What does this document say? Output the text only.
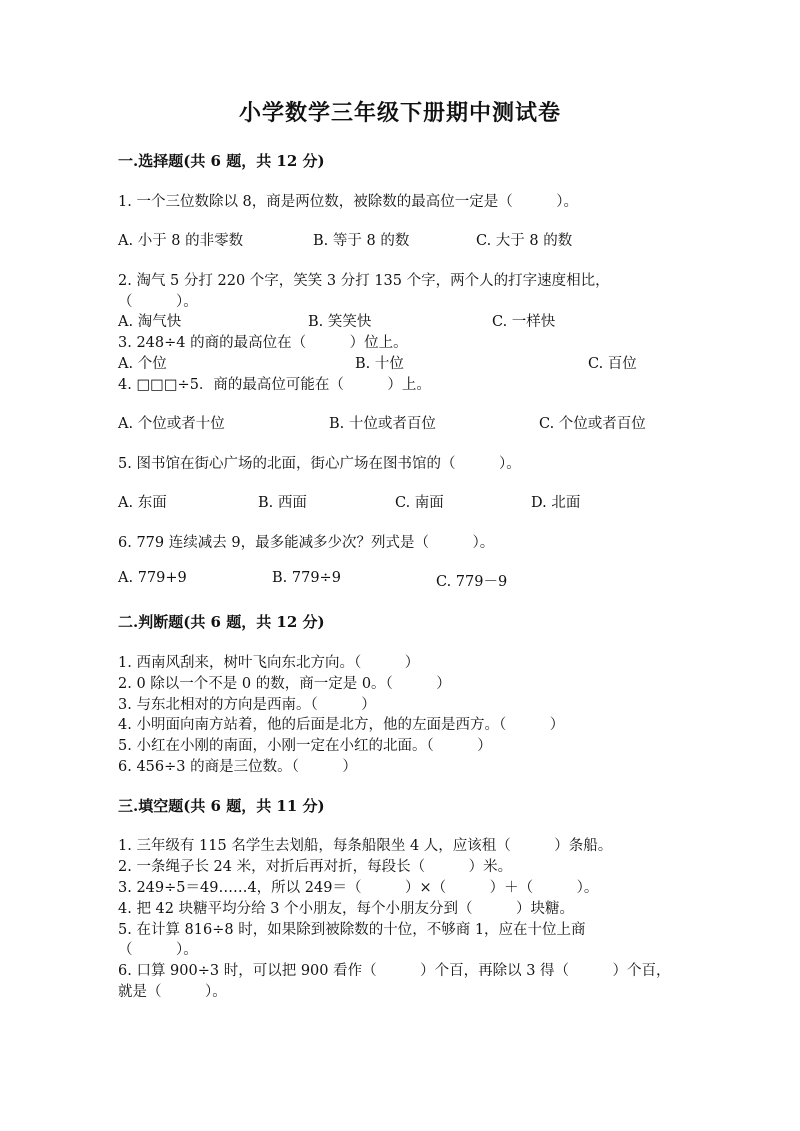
小学数学三年级下册期中测试卷
一.选择题(共 6 题，共 12 分)
1. 一个三位数除以 8，商是两位数，被除数的最高位一定是（　　　）。
A. 小于 8 的非零数	B. 等于 8 的数	C. 大于 8 的数
2. 淘气 5 分打 220 个字，笑笑 3 分打 135 个字，两个人的打字速度相比，
（　　　）。
A. 淘气快	B. 笑笑快	C. 一样快
3. 248÷4 的商的最高位在（　　　）位上。
A. 个位	B. 十位	C. 百位
4. □□□÷5．商的最高位可能在（　　　）上。
A. 个位或者十位	B. 十位或者百位	C. 个位或者百位
5. 图书馆在街心广场的北面，街心广场在图书馆的（　　　）。
A. 东面	B. 西面	C. 南面	D. 北面
6. 779 连续减去 9，最多能减多少次？列式是（　　　）。
A. 779+9	B. 779÷9	C. 779－9
二.判断题(共 6 题，共 12 分)
1. 西南风刮来，树叶飞向东北方向。（　　　）
2. 0 除以一个不是 0 的数，商一定是 0。（　　　）
3. 与东北相对的方向是西南。（　　　）
4. 小明面向南方站着，他的后面是北方，他的左面是西方。（　　　）
5. 小红在小刚的南面，小刚一定在小红的北面。（　　　）
6. 456÷3 的商是三位数。（　　　）
三.填空题(共 6 题，共 11 分)
1. 三年级有 115 名学生去划船，每条船限坐 4 人，应该租（　　　）条船。
2. 一条绳子长 24 米，对折后再对折，每段长（　　　）米。
3. 249÷5＝49……4，所以 249＝（　　　）×（　　　）＋（　　　）。
4. 把 42 块糖平均分给 3 个小朋友，每个小朋友分到（　　　）块糖。
5. 在计算 816÷8 时，如果除到被除数的十位，不够商 1，应在十位上商
（　　　）。
6. 口算 900÷3 时，可以把 900 看作（　　　）个百，再除以 3 得（　　　）个百，
就是（　　　）。
